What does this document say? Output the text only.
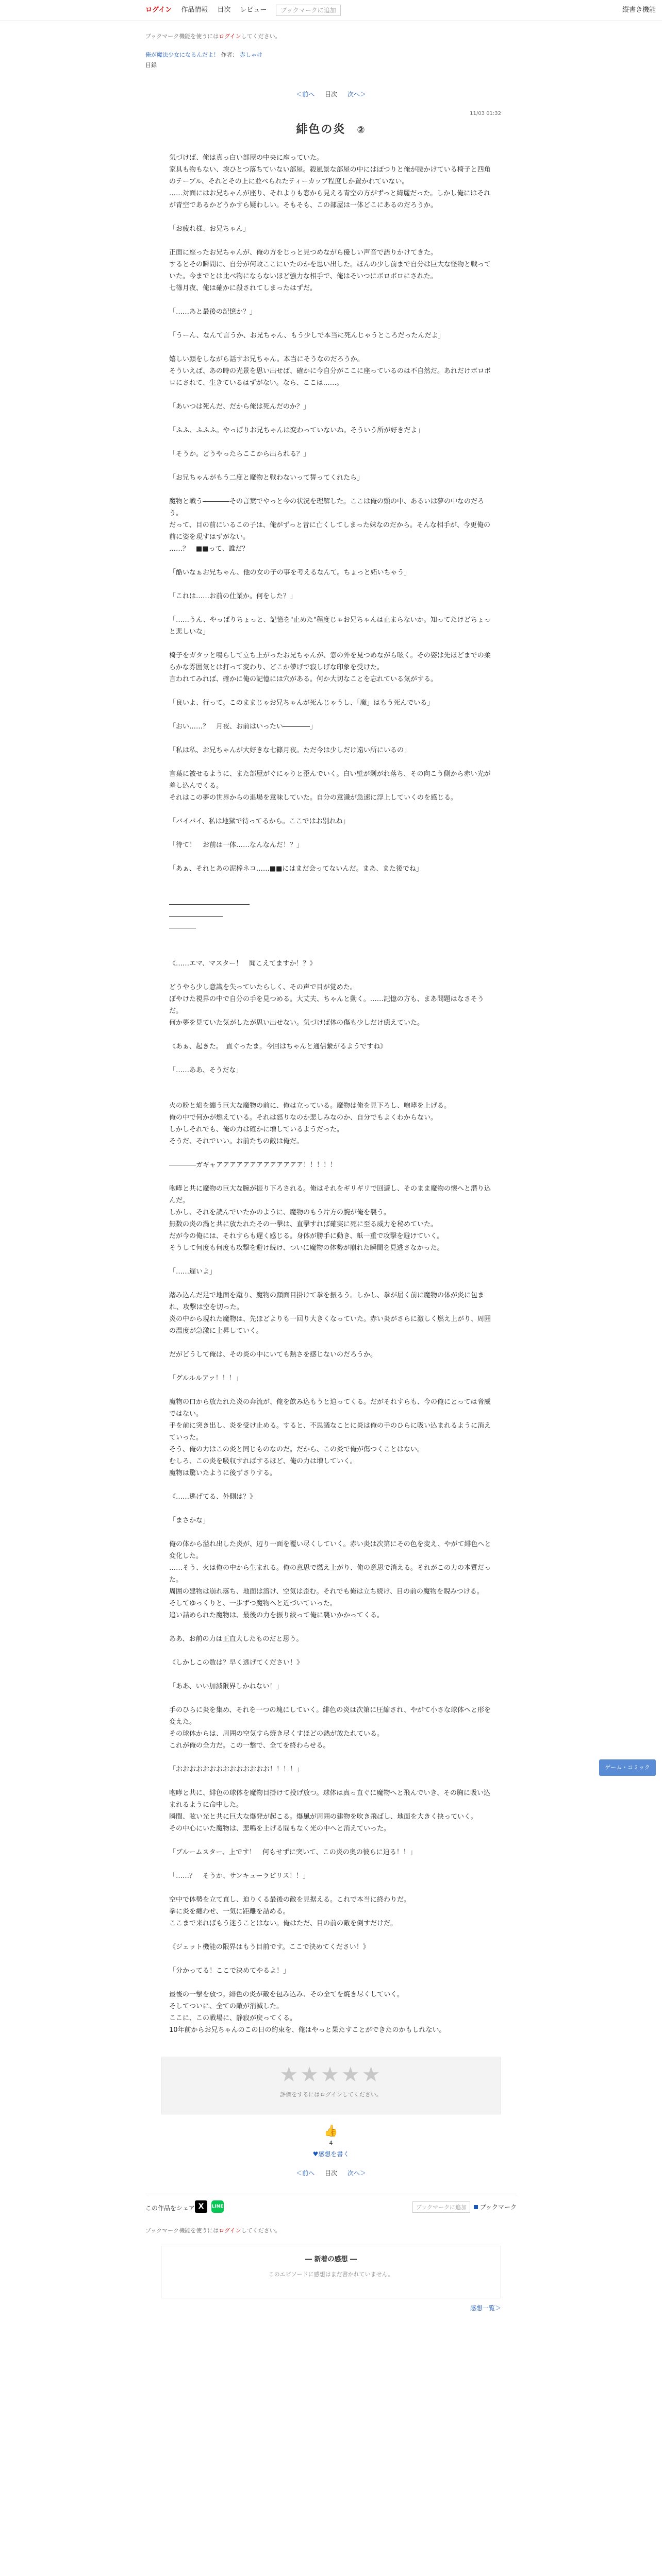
ログイン 作品情報 目次 レビュー	ブックマークに追加	縦書き機能
ブックマーク機能を使うにはログインしてください。
俺が魔法少女になるんだよ！ 作者： 赤しゃけ
目録
＜前へ 目次 次へ＞
11/03 01:32
緋色の炎 ②

気づけば、俺は真っ白い部屋の中央に座っていた。

家具も物もない、埃ひとつ落ちていない部屋。殺風景な部屋の中にはぽつりと俺が腰かけている椅子と四角のテーブル、それとその上に並べられたティーカップ程度しか置かれていない。

……対面にはお兄ちゃんが座り、それよりも窓から見える青空の方がずっと綺麗だった。しかし俺にはそれが青空であるかどうかすら疑わしい。そもそも、この部屋は一体どこにあるのだろうか。

「お疲れ様、お兄ちゃん」

正面に座ったお兄ちゃんが、俺の方をじっと見つめながら優しい声音で語りかけてきた。

するとその瞬間に、自分が何故ここにいたのかを思い出した。ほんの少し前まで自分は巨大な怪物と戦っていた。今までとは比べ物にならないほど強力な相手で、俺はそいつにボロボロにされた。

七篠月夜、俺は確かに殺されてしまったはずだ。

「……あと最後の記憶か？」

「うーん、なんて言うか、お兄ちゃん、もう少しで本当に死んじゃうところだったんだよ」

嬉しい顔をしながら話すお兄ちゃん。本当にそうなのだろうか。

そういえば、あの時の光景を思い出せば、確かに今自分がここに座っているのは不自然だ。あれだけボロボロにされて、生きているはずがない。なら、ここは……。

「あいつは死んだ、だから俺は死んだのか？」

「ふふ、ふふふ。やっぱりお兄ちゃんは変わっていないね。そういう所が好きだよ」

「そうか。どうやったらここから出られる？」

「お兄ちゃんがもう二度と魔物と戦わないって誓ってくれたら」

魔物と戦う――――その言葉でやっと今の状況を理解した。ここは俺の頭の中、あるいは夢の中なのだろう。

だって、目の前にいるこの子は、俺がずっと昔に亡くしてしまった妹なのだから。そんな相手が、今更俺の前に姿を現すはずがない。

……？　■■って、誰だ？

「酷いなぁお兄ちゃん、他の女の子の事を考えるなんて。ちょっと妬いちゃう」

「これは……お前の仕業か。何をした？」

「……うん、やっぱりちょっと、記憶を"止めた"程度じゃお兄ちゃんは止まらないか。知ってたけどちょっと悲しいな」

椅子をガタッと鳴らして立ち上がったお兄ちゃんが、窓の外を見つめながら呟く。その姿は先ほどまでの柔らかな雰囲気とは打って変わり、どこか儚げで寂しげな印象を受けた。

言われてみれば、確かに俺の記憶には穴がある。何か大切なことを忘れている気がする。

「良いよ、行って。このままじゃお兄ちゃんが死んじゃうし、「魔」はもう死んでいる」

「おい……？　月夜、お前はいったい――――」

「私は私、お兄ちゃんが大好きな七篠月夜。ただ今は少しだけ遠い所にいるの」

言葉に被せるように、また部屋がぐにゃりと歪んでいく。白い壁が剥がれ落ち、その向こう側から赤い光が差し込んでくる。

それはこの夢の世界からの退場を意味していた。自分の意識が急速に浮上していくのを感じる。

「バイバイ、私は地獄で待ってるから。ここではお別れね」

「待て！　お前は一体……なんなんだ！？」

「あぁ、それとあの泥棒ネコ……■■にはまだ会ってないんだ。まあ、また後でね」

――――――――――――

――――――――

――――

《……エマ、マスター！　聞こえてますか！？》

どうやら少し意識を失っていたらしく、その声で目が覚めた。

ぼやけた視界の中で自分の手を見つめる。大丈夫、ちゃんと動く。……記憶の方も、まあ問題はなさそうだ。

何か夢を見ていた気がしたが思い出せない。気づけば体の傷も少しだけ癒えていた。

《あぁ、起きた。　直ぐったま。今回はちゃんと通信繋がるようですね》

「……ああ、そうだな」

火の粉と焔を纏う巨大な魔物の前に、俺は立っている。魔物は俺を見下ろし、咆哮を上げる。

俺の中で何かが燃えている。それは怒りなのか悲しみなのか、自分でもよくわからない。

しかしそれでも、俺の力は確かに増しているようだった。

そうだ、それでいい。お前たちの敵は俺だ。

――――ガギャアアアアアアアアアアアアア！！！！！

咆哮と共に魔物の巨大な腕が振り下ろされる。俺はそれをギリギリで回避し、そのまま魔物の懐へと潜り込んだ。

しかし、それを読んでいたかのように、魔物のもう片方の腕が俺を襲う。

無数の炎の渦と共に放たれたその一撃は、直撃すれば確実に死に至る威力を秘めていた。

だが今の俺には、それすらも遅く感じる。身体が勝手に動き、紙一重で攻撃を避けていく。

そうして何度も何度も攻撃を避け続け、ついに魔物の体勢が崩れた瞬間を見逃さなかった。

「……遅いよ」

踏み込んだ足で地面を蹴り、魔物の顔面目掛けて拳を振るう。しかし、拳が届く前に魔物の体が炎に包まれ、攻撃は空を切った。

炎の中から現れた魔物は、先ほどよりも一回り大きくなっていた。赤い炎がさらに激しく燃え上がり、周囲の温度が急激に上昇していく。

だがどうして俺は、その炎の中にいても熱さを感じないのだろうか。

「グルルルアァ！！！」

魔物の口から放たれた炎の奔流が、俺を飲み込もうと迫ってくる。だがそれすらも、今の俺にとっては脅威ではない。

手を前に突き出し、炎を受け止める。すると、不思議なことに炎は俺の手のひらに吸い込まれるように消えていった。

そう、俺の力はこの炎と同じものなのだ。だから、この炎で俺が傷つくことはない。

むしろ、この炎を吸収すればするほど、俺の力は増していく。

魔物は驚いたように後ずさりする。

《……逃げてる、外側は？》

「まさかな」

俺の体から溢れ出した炎が、辺り一面を覆い尽くしていく。赤い炎は次第にその色を変え、やがて緋色へと変化した。

……そう、火は俺の中から生まれる。俺の意思で燃え上がり、俺の意思で消える。それがこの力の本質だった。

周囲の建物は崩れ落ち、地面は溶け、空気は歪む。それでも俺は立ち続け、目の前の魔物を睨みつける。

そしてゆっくりと、一歩ずつ魔物へと近づいていった。

追い詰められた魔物は、最後の力を振り絞って俺に襲いかかってくる。

ああ、お前の力は正直大したものだと思う。

《しかしこの数は？早く逃げてください！》

「ああ、いい加減限界しかねない！」

手のひらに炎を集め、それを一つの塊にしていく。緋色の炎は次第に圧縮され、やがて小さな球体へと形を変えた。

その球体からは、周囲の空気すら焼き尽くすほどの熱が放たれている。

これが俺の全力だ。この一撃で、全てを終わらせる。

「おおおおおおおおおおおおおお！！！！」

咆哮と共に、緋色の球体を魔物目掛けて投げ放つ。球体は真っ直ぐに魔物へと飛んでいき、その胸に吸い込まれるように命中した。

瞬間、眩い光と共に巨大な爆発が起こる。爆風が周囲の建物を吹き飛ばし、地面を大きく抉っていく。

その中心にいた魔物は、悲鳴を上げる間もなく光の中へと消えていった。

「ブルームスター、上です！　何もせずに突いて、この炎の奥の彼らに迫る！！」

「……？　そうか、サンキューラピリス！！」

空中で体勢を立て直し、迫りくる最後の敵を見据える。これで本当に終わりだ。

拳に炎を纏わせ、一気に距離を詰める。

ここまで来ればもう迷うことはない。俺はただ、目の前の敵を倒すだけだ。

《ジェット機能の限界はもう目前です。ここで決めてください！》

「分かってる！ここで決めてやるよ！」

最後の一撃を放つ。緋色の炎が敵を包み込み、その全てを焼き尽くしていく。

そしてついに、全ての敵が消滅した。

ここに、この戦場に、静寂が戻ってくる。

10年前からお兄ちゃんのこの日の約束を、俺はやっと果たすことができたのかもしれない。

★★★★★
評価をするにはログインしてください。
👍
4
♥感想を書く
＜前へ 目次 次へ＞
この作品をシェア X	LINE	ブックマークに追加	ブックマーク
ブックマーク機能を使うにはログインしてください。
― 新着の感想 ―
このエピソードに感想はまだ書かれていません。
感想一覧＞
ゲーム・コミック
